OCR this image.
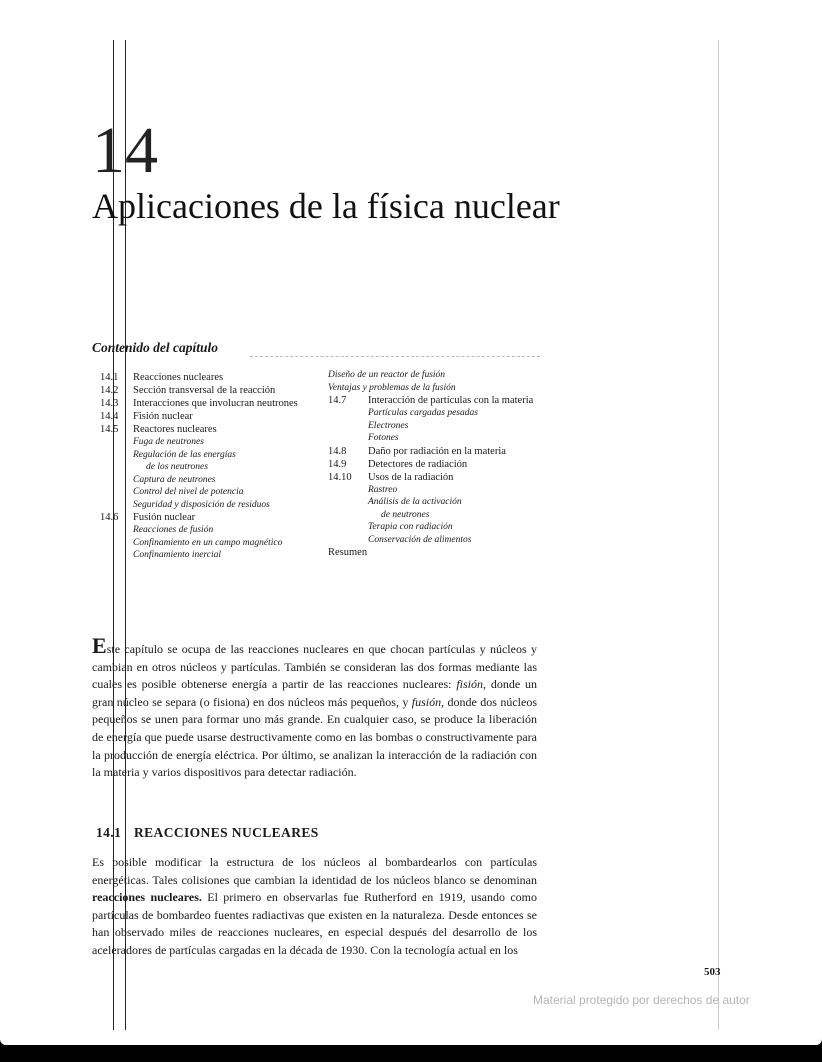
14
Aplicaciones de la física nuclear
Contenido del capítulo
14.1	Reacciones nucleares
14.2	Sección transversal de la reacción
14.3	Interacciones que involucran neutrones
14.4	Fisión nuclear
14.5	Reactores nucleares
Fuga de neutrones
Regulación de las energías
de los neutrones
Captura de neutrones
Control del nivel de potencia
Seguridad y disposición de residuos
14.6	Fusión nuclear
Reacciones de fusión
Confinamiento en un campo magnético
Confinamiento inercial
Diseño de un reactor de fusión
Ventajas y problemas de la fusión
14.7	Interacción de partículas con la materia
Partículas cargadas pesadas
Electrones
Fotones
14.8	Daño por radiación en la materia
14.9	Detectores de radiación
14.10	Usos de la radiación
Rastreo
Análisis de la activación
de neutrones
Terapia con radiación
Conservación de alimentos
Resumen

Este capítulo se ocupa de las reacciones nucleares en que chocan partículas y núcleos y cambian en otros núcleos y partículas. También se consideran las dos formas mediante las cuales es posible obtenerse energía a partir de las reacciones nucleares: fisión, donde un gran núcleo se separa (o fisiona) en dos núcleos más pequeños, y fusión, donde dos núcleos pequeños se unen para formar uno más grande. En cualquier caso, se produce la liberación de energía que puede usarse destructivamente como en las bombas o constructivamente para la producción de energía eléctrica. Por último, se analizan la interacción de la radiación con la materia y varios dispositivos para detectar radiación.

14.1 REACCIONES NUCLEARES

Es posible modificar la estructura de los núcleos al bombardearlos con partículas energéticas. Tales colisiones que cambian la identidad de los núcleos blanco se denominan reacciones nucleares. El primero en observarlas fue Rutherford en 1919, usando como partículas de bombardeo fuentes radiactivas que existen en la naturaleza. Desde entonces se han observado miles de reacciones nucleares, en especial después del desarrollo de los aceleradores de partículas cargadas en la década de 1930. Con la tecnología actual en los

503
Material protegido por derechos de autor
